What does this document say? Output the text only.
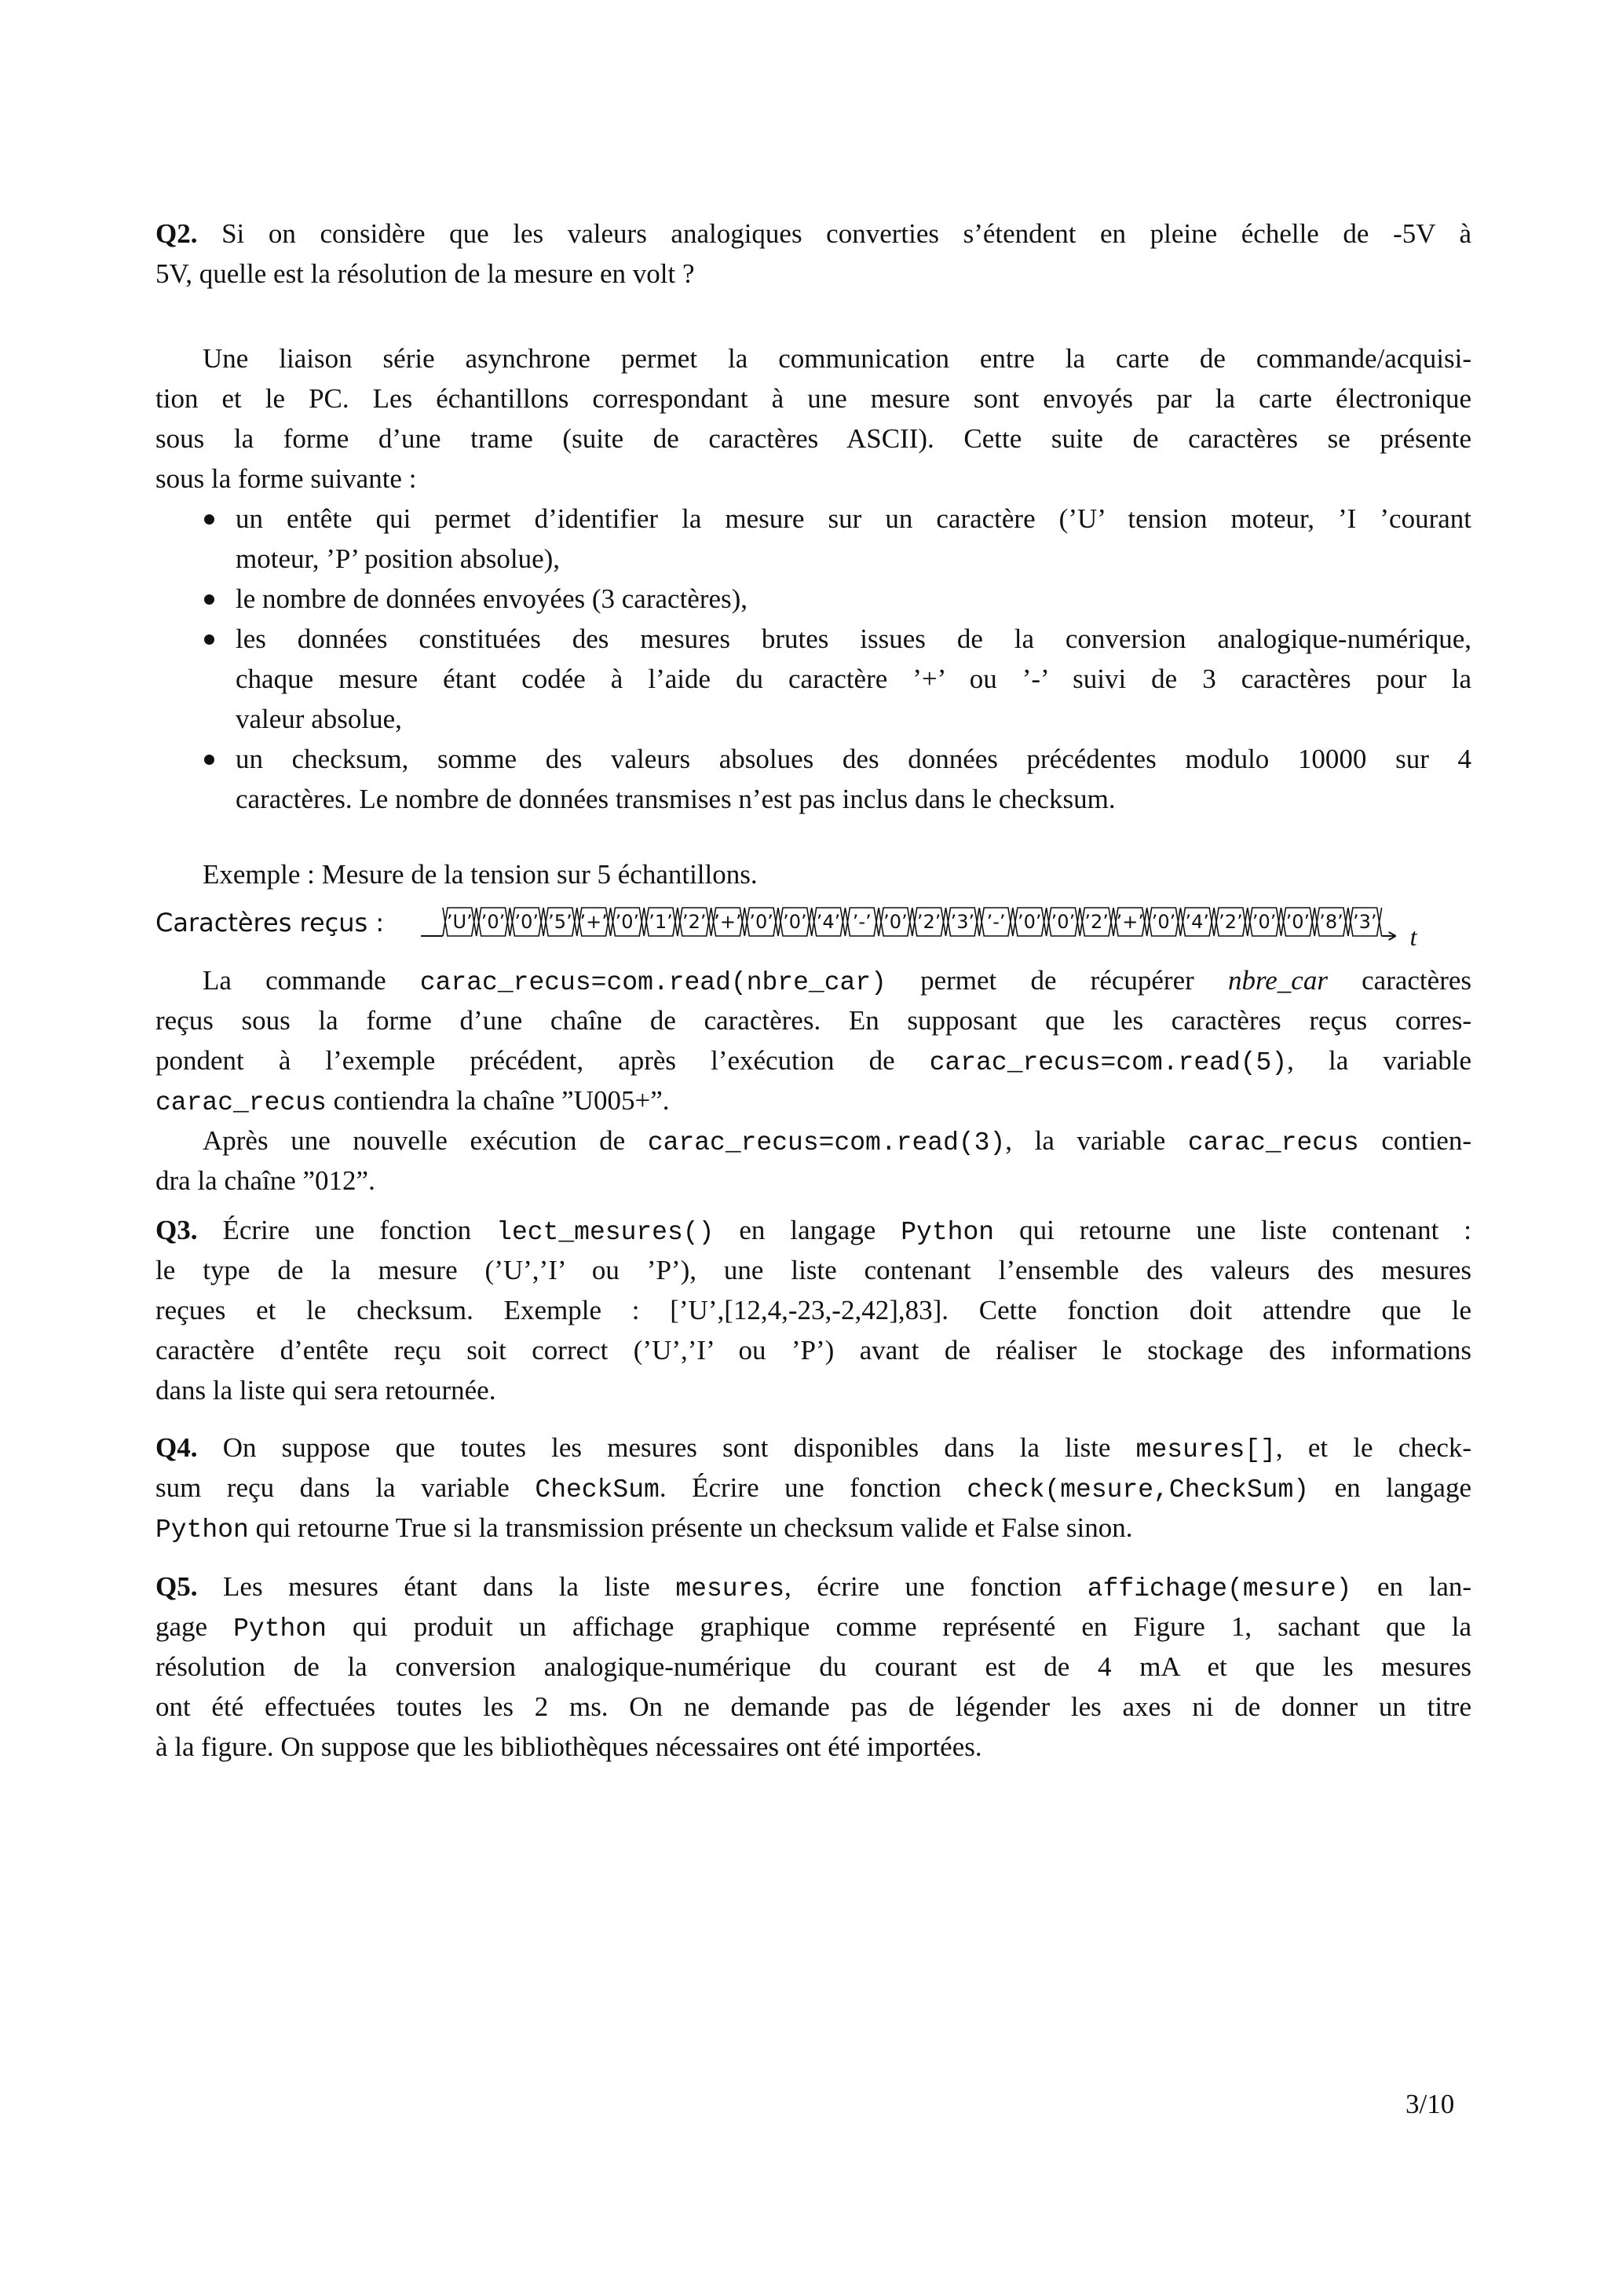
Q2. Si on considère que les valeurs analogiques converties s’étendent en pleine échelle de -5V à
5V, quelle est la résolution de la mesure en volt ?
Une liaison série asynchrone permet la communication entre la carte de commande/acquisi-
tion et le PC. Les échantillons correspondant à une mesure sont envoyés par la carte électronique
sous la forme d’une trame (suite de caractères ASCII). Cette suite de caractères se présente
sous la forme suivante :
un entête qui permet d’identifier la mesure sur un caractère (’U’ tension moteur, ’I ’courant
moteur, ’P’ position absolue),
le nombre de données envoyées (3 caractères),
les données constituées des mesures brutes issues de la conversion analogique-numérique,
chaque mesure étant codée à l’aide du caractère ’+’ ou ’-’ suivi de 3 caractères pour la
valeur absolue,
un checksum, somme des valeurs absolues des données précédentes modulo 10000 sur 4
caractères. Le nombre de données transmises n’est pas inclus dans le checksum.
Exemple : Mesure de la tension sur 5 échantillons.
Caractères reçus :	’U’ ’0’ ’0’ ’5’ ’+’ ’0’ ’1’ ’2’ ’+’ ’0’ ’0’ ’4’ ’-’ ’0’ ’2’ ’3’ ’-’ ’0’ ’0’ ’2’ ’+’ ’0’ ’4’ ’2’ ’0’ ’0’ ’8’ ’3’
t
La commande carac_recus=com.read(nbre_car) permet de récupérer nbre_car caractères
reçus sous la forme d’une chaîne de caractères. En supposant que les caractères reçus corres-
pondent à l’exemple précédent, après l’exécution de carac_recus=com.read(5), la variable
carac_recus contiendra la chaîne ”U005+”.
Après une nouvelle exécution de carac_recus=com.read(3), la variable carac_recus contien-
dra la chaîne ”012”.
Q3. Écrire une fonction lect_mesures() en langage Python qui retourne une liste contenant :
le type de la mesure (’U’,’I’ ou ’P’), une liste contenant l’ensemble des valeurs des mesures
reçues et le checksum. Exemple : [’U’,[12,4,-23,-2,42],83]. Cette fonction doit attendre que le
caractère d’entête reçu soit correct (’U’,’I’ ou ’P’) avant de réaliser le stockage des informations
dans la liste qui sera retournée.
Q4. On suppose que toutes les mesures sont disponibles dans la liste mesures[], et le check-
sum reçu dans la variable CheckSum. Écrire une fonction check(mesure,CheckSum) en langage
Python qui retourne True si la transmission présente un checksum valide et False sinon.
Q5. Les mesures étant dans la liste mesures, écrire une fonction affichage(mesure) en lan-
gage Python qui produit un affichage graphique comme représenté en Figure 1, sachant que la
résolution de la conversion analogique-numérique du courant est de 4 mA et que les mesures
ont été effectuées toutes les 2 ms. On ne demande pas de légender les axes ni de donner un titre
à la figure. On suppose que les bibliothèques nécessaires ont été importées.
3/10
